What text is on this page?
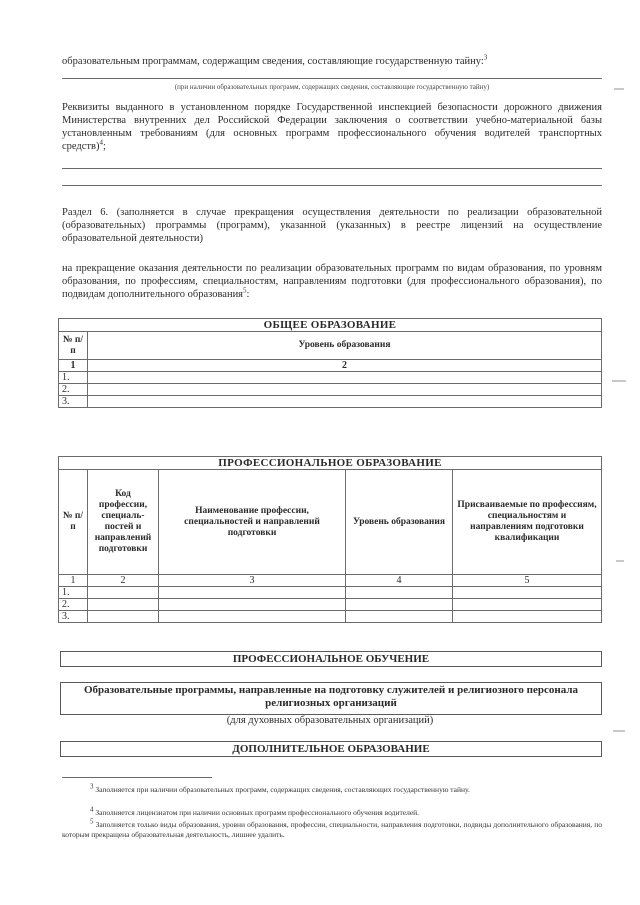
образовательным программам, содержащим сведения, составляющие государственную тайну:$^3$

(при наличии образовательных программ, содержащих сведения, составляющие государственную тайну)

Реквизиты выданного в установленном порядке Государственной инспекцией безопасности дорожного движения Министерства внутренних дел Российской Федерации заключения о соответствии учебно-материальной базы установленным требованиям (для основных программ профессионального обучения водителей транспортных средств)$^4$;

Раздел 6. (заполняется в случае прекращения осуществления деятельности по реализации образовательной (образовательных) программы (программ), указанной (указанных) в реестре лицензий на осуществление образовательной деятельности)

на прекращение оказания деятельности по реализации образовательных программ по видам образования, по уровням образования, по профессиям, специальностям, направлениям подготовки (для профессионального образования), по подвидам дополнительного образования$^5$:

ОБЩЕЕ ОБРАЗОВАНИЕ	
№ п/п	Уровень образования
1	2
1.	
2.	
3.	
ПРОФЕССИОНАЛЬНОЕ ОБРАЗОВАНИЕ				
№ п/п	Код профессии, специаль-постей и направлений подготовки	Наименование профессии, специальностей и направлений подготовки	Уровень образования	Присваиваемые по профессиям, специальностям и направлениям подготовки квалификации
1	2	3	4	5
1.				
2.				
3.				
ПРОФЕССИОНАЛЬНОЕ ОБУЧЕНИЕ
Образовательные программы, направленные на подготовку служителей и религиозного персонала религиозных организаций

(для духовных образовательных организаций)

ДОПОЛНИТЕЛЬНОЕ ОБРАЗОВАНИЕ

$^3$ Заполняется при наличии образовательных программ, содержащих сведения, составляющих государственную тайну.

$^4$ Заполняется лицензиатом при наличии основных программ профессионального обучения водителей.

$^5$ Заполняется только виды образования, уровни образования, профессии, специальности, направления подготовки, подвиды дополнительного образования, по которым прекращена образовательная деятельность, лишнее удалить.
